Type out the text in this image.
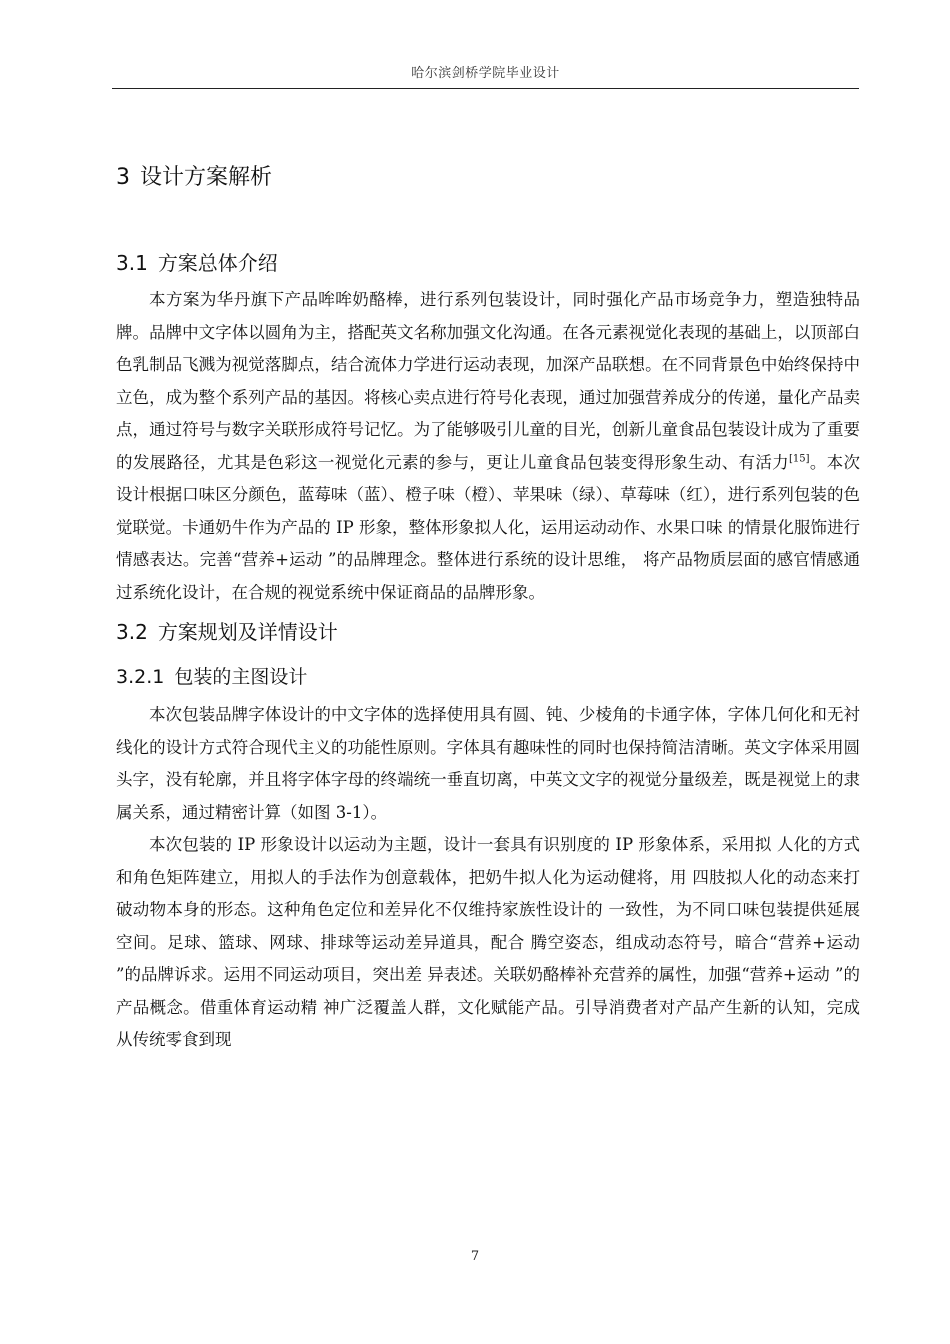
哈尔滨剑桥学院毕业设计
3 设计方案解析
3.1 方案总体介绍

本方案为华丹旗下产品哞哞奶酪棒，进行系列包装设计，同时强化产品市场竞争力，塑造独特品牌。品牌中文字体以圆角为主，搭配英文名称加强文化沟通。在各元素视觉化表现的基础上，以顶部白色乳制品飞溅为视觉落脚点，结合流体力学进行运动表现，加深产品联想。在不同背景色中始终保持中立色，成为整个系列产品的基因。将核心卖点进行符号化表现，通过加强营养成分的传递，量化产品卖点，通过符号与数字关联形成符号记忆。为了能够吸引儿童的目光，创新儿童食品包装设计成为了重要的发展路径，尤其是色彩这一视觉化元素的参与，更让儿童食品包装变得形象生动、有活力[15]。本次设计根据口味区分颜色，蓝莓味（蓝）、橙子味（橙）、苹果味（绿）、草莓味（红），进行系列包装的色觉联觉。卡通奶牛作为产品的 IP 形象，整体形象拟人化，运用运动动作、水果口味 的情景化服饰进行情感表达。完善“营养+运动 ”的品牌理念。整体进行系统的设计思维， 将产品物质层面的感官情感通过系统化设计，在合规的视觉系统中保证商品的品牌形象。

3.2 方案规划及详情设计
3.2.1 包装的主图设计

本次包装品牌字体设计的中文字体的选择使用具有圆、钝、少棱角的卡通字体，字体几何化和无衬线化的设计方式符合现代主义的功能性原则。字体具有趣味性的同时也保持简洁清晰。英文字体采用圆头字，没有轮廓，并且将字体字母的终端统一垂直切离，中英文文字的视觉分量级差，既是视觉上的隶属关系，通过精密计算（如图 3-1）。

本次包装的 IP 形象设计以运动为主题，设计一套具有识别度的 IP 形象体系，采用拟 人化的方式和角色矩阵建立，用拟人的手法作为创意载体，把奶牛拟人化为运动健将，用 四肢拟人化的动态来打破动物本身的形态。这种角色定位和差异化不仅维持家族性设计的 一致性，为不同口味包装提供延展空间。足球、篮球、网球、排球等运动差异道具，配合 腾空姿态，组成动态符号，暗合“营养+运动 ”的品牌诉求。运用不同运动项目，突出差 异表述。关联奶酪棒补充营养的属性，加强“营养+运动 ”的产品概念。借重体育运动精 神广泛覆盖人群，文化赋能产品。引导消费者对产品产生新的认知，完成从传统零食到现

7
